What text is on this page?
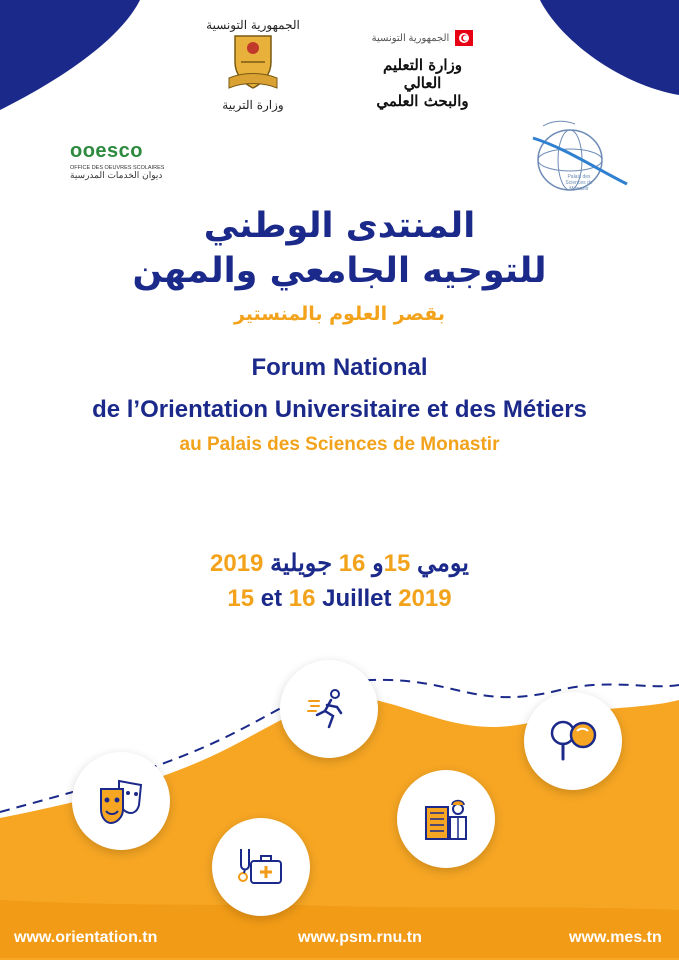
الجمهورية التونسية
وزارة التربية
الجمهورية التونسية
وزارة التعليم العالي
والبحث العلمي
ooesco
OFFICE DES OEUVRES SCOLAIRES
ديوان الخدمات المدرسية	Palais des Sciences de Monastir
المنتدى الوطني
للتوجيه الجامعي والمهن
بقصر العلوم بالمنستير
Forum National
de l’Orientation Universitaire et des Métiers
au Palais des Sciences de Monastir
يومي 15و 16 جويلية 2019
15 et 16 Juillet 2019
www.orientation.tn	www.psm.rnu.tn	www.mes.tn
